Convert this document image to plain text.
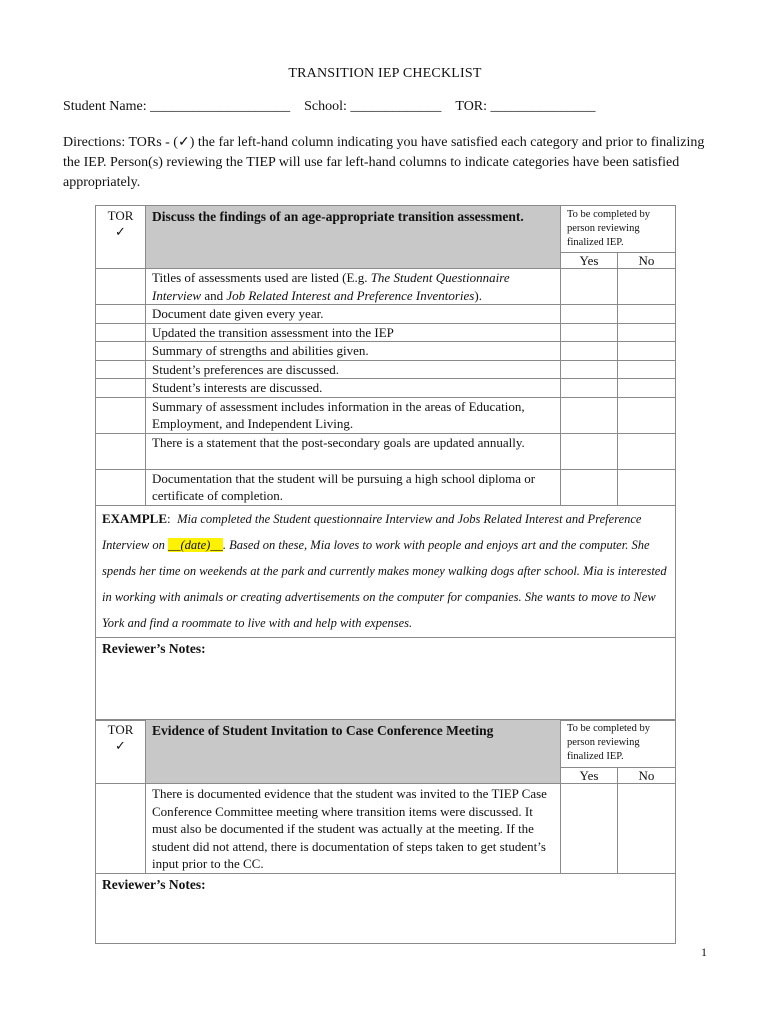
TRANSITION IEP CHECKLIST
Student Name: ____________________ School: _____________ TOR: _______________
Directions: TORs - (✓) the far left-hand column indicating you have satisfied each category and prior to finalizing the IEP. Person(s) reviewing the TIEP will use far left-hand columns to indicate categories have been satisfied appropriately.
TOR
✓	Discuss the findings of an age-appropriate transition assessment.	To be completed by person reviewing finalized IEP.	
		Yes	No
	Titles of assessments used are listed (E.g. The Student Questionnaire Interview and Job Related Interest and Preference Inventories).		
	Document date given every year.		
	Updated the transition assessment into the IEP		
	Summary of strengths and abilities given.		
	Student’s preferences are discussed.		
	Student’s interests are discussed.		
	Summary of assessment includes information in the areas of Education, Employment, and Independent Living.		
	There is a statement that the post-secondary goals are updated annually.		
	Documentation that the student will be pursuing a high school diploma or certificate of completion.		
EXAMPLE:  Mia completed the Student questionnaire Interview and Jobs Related Interest and Preference Interview on __(date)__. Based on these, Mia loves to work with people and enjoys art and the computer. She spends her time on weekends at the park and currently makes money walking dogs after school. Mia is interested in working with animals or creating advertisements on the computer for companies. She wants to move to New York and find a roommate to live with and help with expenses.			
Reviewer’s Notes:			
TOR
✓	Evidence of Student Invitation to Case Conference Meeting	To be completed by person reviewing finalized IEP.	
		Yes	No
	There is documented evidence that the student was invited to the TIEP Case Conference Committee meeting where transition items were discussed. It must also be documented if the student was actually at the meeting. If the student did not attend, there is documentation of steps taken to get student’s input prior to the CC.		
Reviewer’s Notes:			
1
